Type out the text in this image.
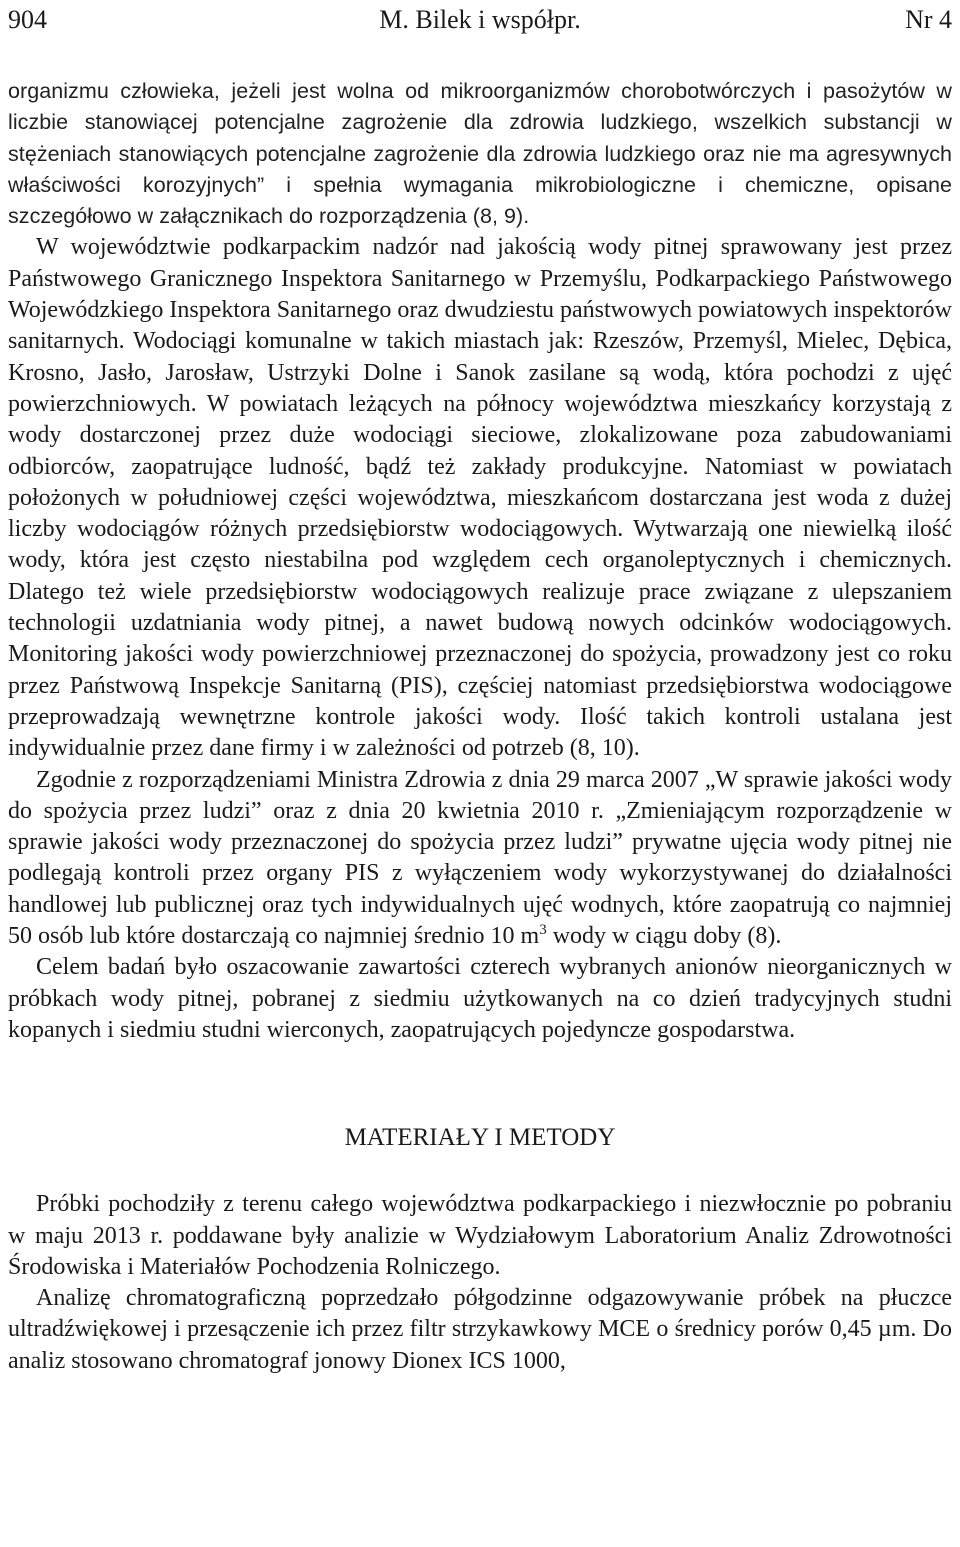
904	M. Bilek i współpr.	Nr 4

organizmu człowieka, jeżeli jest wolna od mikroorganizmów chorobotwórczych i pasożytów w liczbie stanowiącej potencjalne zagrożenie dla zdrowia ludzkiego, wszelkich substancji w stężeniach stanowiących potencjalne zagrożenie dla zdrowia ludzkiego oraz nie ma agresywnych właściwości korozyjnych” i spełnia wymagania mikrobiologiczne i chemiczne, opisane szczegółowo w załącznikach do rozporządzenia (8, 9).

W województwie podkarpackim nadzór nad jakością wody pitnej sprawowany jest przez Państwowego Granicznego Inspektora Sanitarnego w Przemyślu, Podkarpackiego Państwowego Wojewódzkiego Inspektora Sanitarnego oraz dwudziestu państwowych powiatowych inspektorów sanitarnych. Wodociągi komunalne w takich miastach jak: Rzeszów, Przemyśl, Mielec, Dębica, Krosno, Jasło, Jarosław, Ustrzyki Dolne i Sanok zasilane są wodą, która pochodzi z ujęć powierzchniowych. W powiatach leżących na północy województwa mieszkańcy korzystają z wody dostarczonej przez duże wodociągi sieciowe, zlokalizowane poza zabudowaniami odbiorców, zaopatrujące ludność, bądź też zakłady produkcyjne. Natomiast w powiatach położonych w południowej części województwa, mieszkańcom dostarczana jest woda z dużej liczby wodociągów różnych przedsiębiorstw wodociągowych. Wytwarzają one niewielką ilość wody, która jest często niestabilna pod względem cech organoleptycznych i chemicznych. Dlatego też wiele przedsiębiorstw wodociągowych realizuje prace związane z ulepszaniem technologii uzdatniania wody pitnej, a nawet budową nowych odcinków wodociągowych. Monitoring jakości wody powierzchniowej przeznaczonej do spożycia, prowadzony jest co roku przez Państwową Inspekcje Sanitarną (PIS), częściej natomiast przedsiębiorstwa wodociągowe przeprowadzają wewnętrzne kontrole jakości wody. Ilość takich kontroli ustalana jest indywidualnie przez dane firmy i w zależności od potrzeb (8, 10).

Zgodnie z rozporządzeniami Ministra Zdrowia z dnia 29 marca 2007 „W sprawie jakości wody do spożycia przez ludzi” oraz z dnia 20 kwietnia 2010 r. „Zmieniającym rozporządzenie w sprawie jakości wody przeznaczonej do spożycia przez ludzi” prywatne ujęcia wody pitnej nie podlegają kontroli przez organy PIS z wyłączeniem wody wykorzystywanej do działalności handlowej lub publicznej oraz tych indywidualnych ujęć wodnych, które zaopatrują co najmniej 50 osób lub które dostarczają co najmniej średnio 10 $m^3$ wody w ciągu doby (8).

Celem badań było oszacowanie zawartości czterech wybranych anionów nieorganicznych w próbkach wody pitnej, pobranej z siedmiu użytkowanych na co dzień tradycyjnych studni kopanych i siedmiu studni wierconych, zaopatrujących pojedyncze gospodarstwa.

MATERIAŁY I METODY

Próbki pochodziły z terenu całego województwa podkarpackiego i niezwłocznie po pobraniu w maju 2013 r. poddawane były analizie w Wydziałowym Laboratorium Analiz Zdrowotności Środowiska i Materiałów Pochodzenia Rolniczego.

Analizę chromatograficzną poprzedzało półgodzinne odgazowywanie próbek na płuczce ultradźwiękowej i przesączenie ich przez filtr strzykawkowy MCE o średnicy porów 0,45 µm. Do analiz stosowano chromatograf jonowy Dionex ICS 1000,
